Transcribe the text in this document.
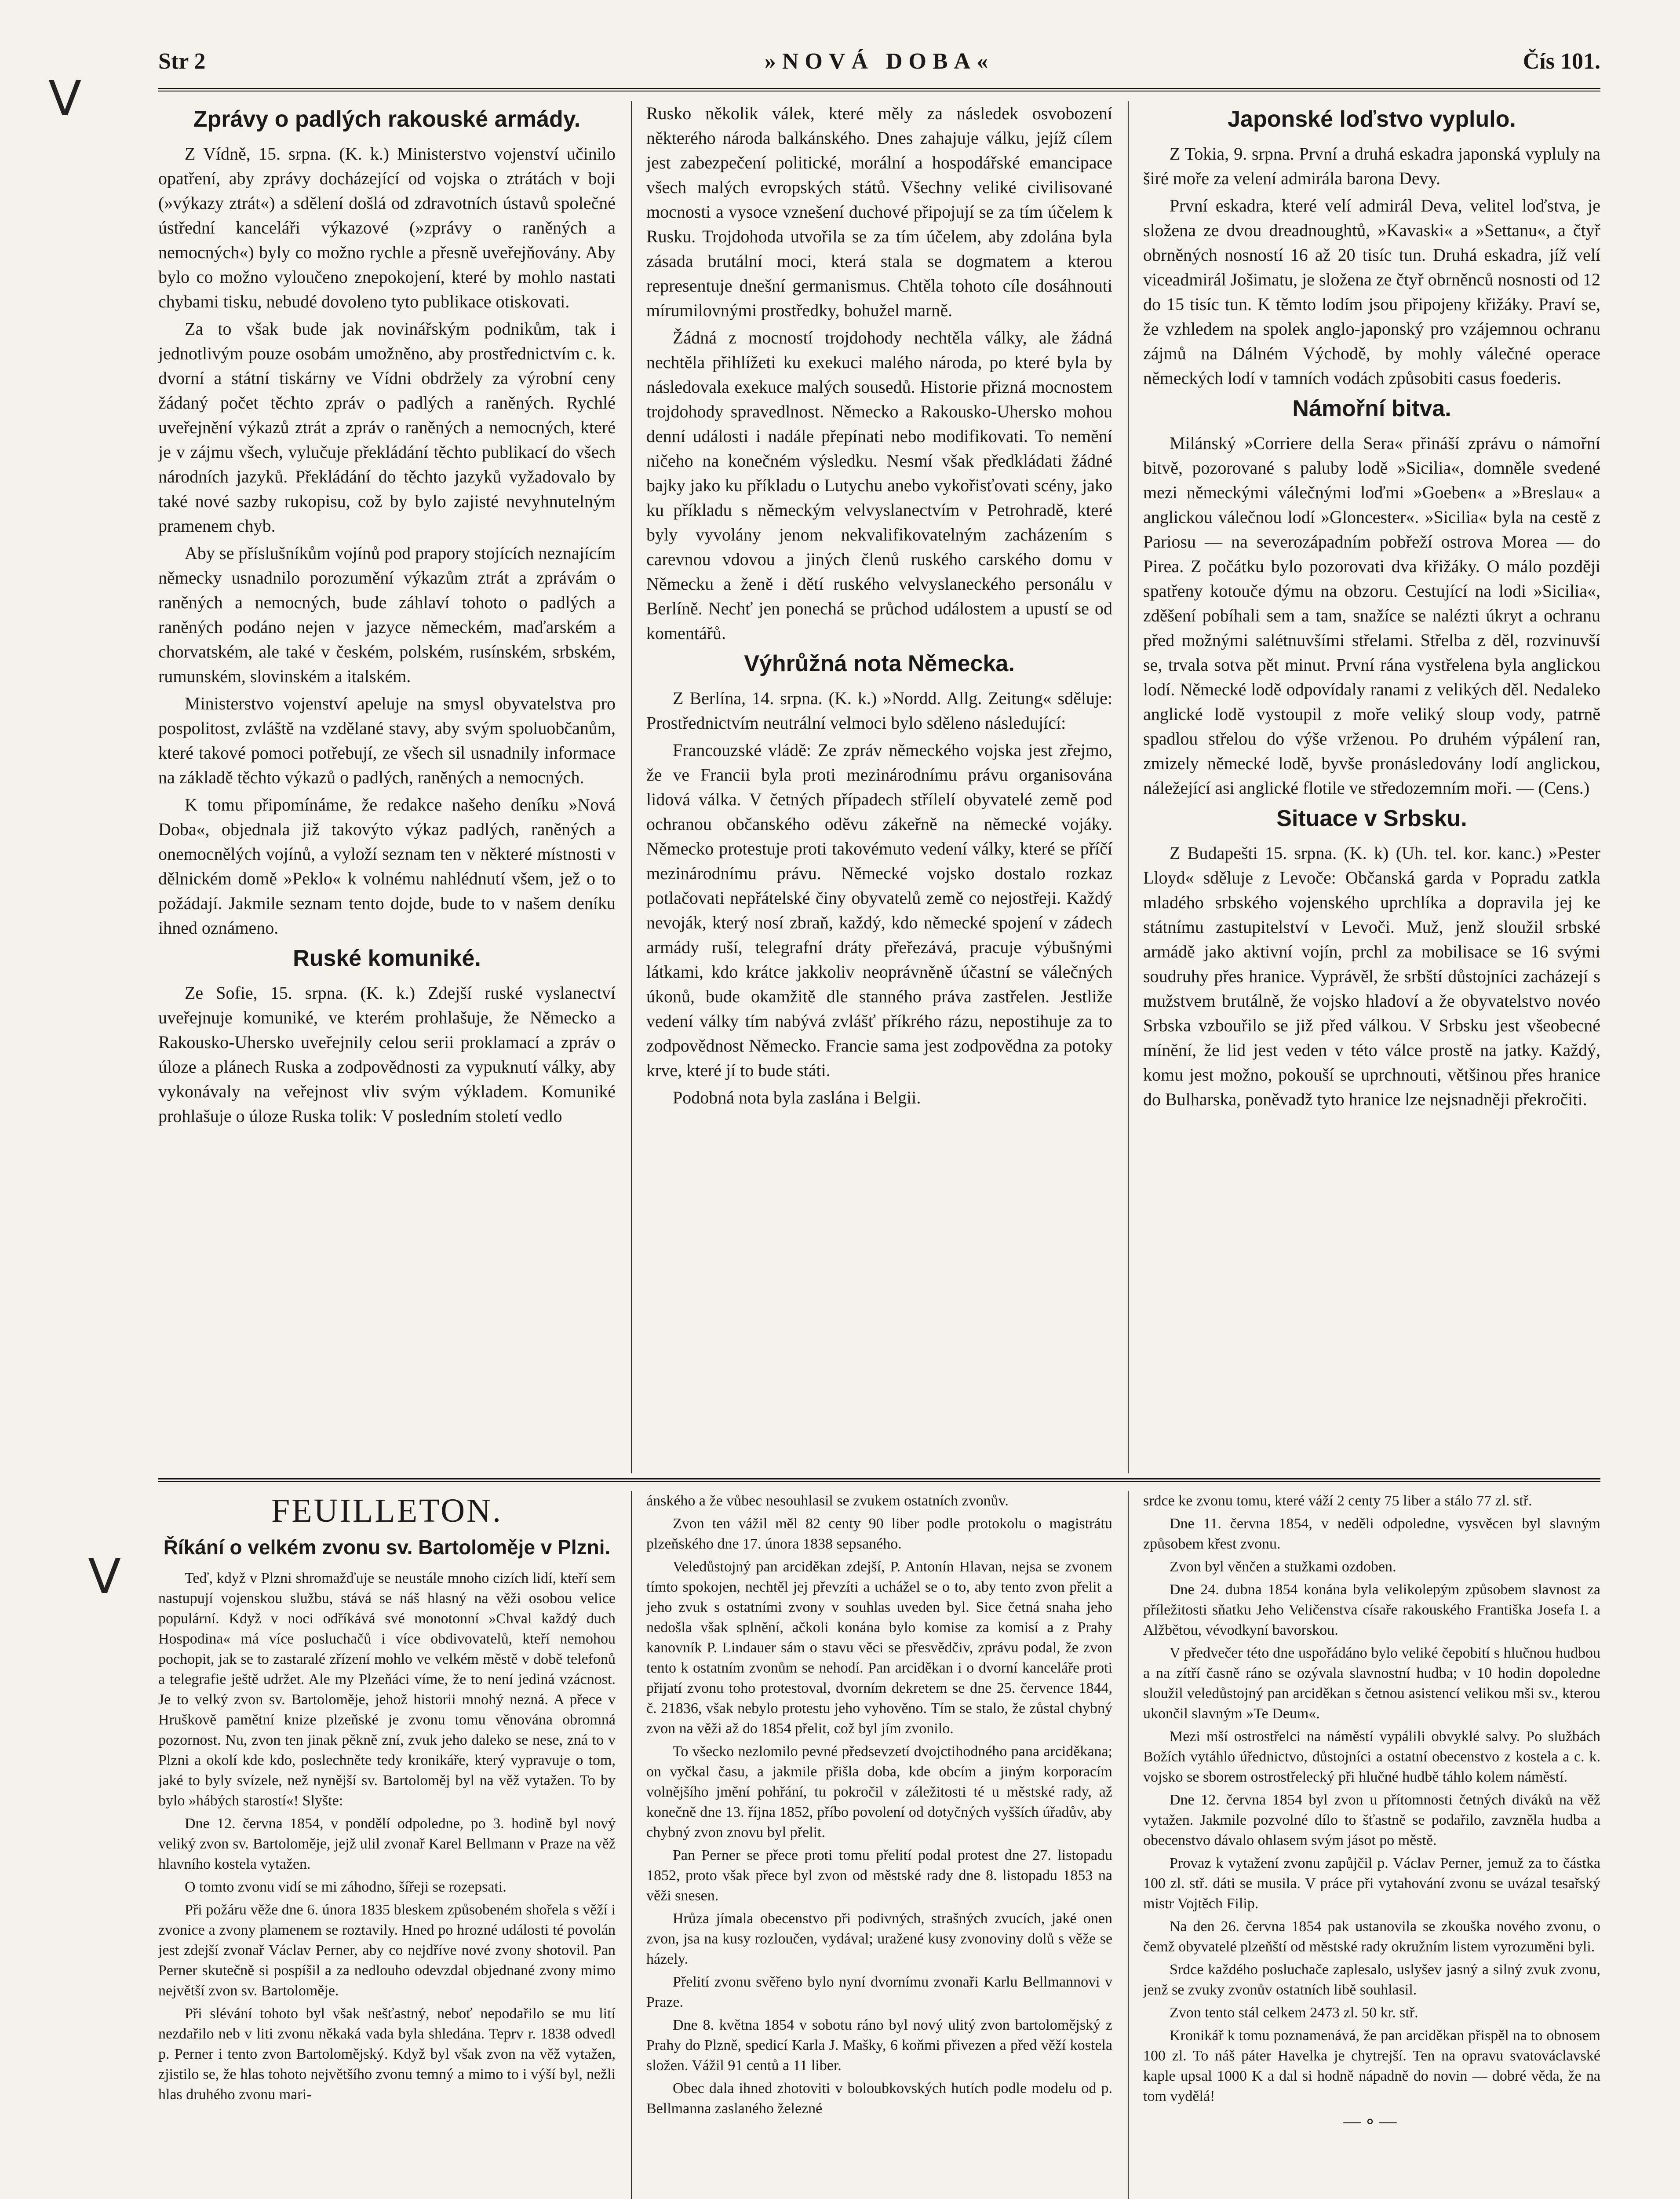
Str 2	»NOVÁ DOBA«	Čís 101.
Zprávy o padlých rakouské armády.

Z Vídně, 15. srpna. (K. k.) Ministerstvo vojenství učinilo opatření, aby zprávy docházející od vojska o ztrátách v boji (»výkazy ztrát«) a sdělení došlá od zdravotních ústavů společné ústřední kanceláři výkazové (»zprávy o raněných a nemocných«) byly co možno rychle a přesně uveřejňovány. Aby bylo co možno vyloučeno znepokojení, které by mohlo nastati chybami tisku, nebudé dovoleno tyto publikace otiskovati.

Za to však bude jak novinářským podnikům, tak i jednotlivým pouze osobám umožněno, aby prostřednictvím c. k. dvorní a státní tiskárny ve Vídni obdržely za výrobní ceny žádaný počet těchto zpráv o padlých a raněných. Rychlé uveřejnění výkazů ztrát a zpráv o raněných a nemocných, které je v zájmu všech, vylučuje překládání těchto publikací do všech národních jazyků. Překládání do těchto jazyků vyžadovalo by také nové sazby rukopisu, což by bylo zajisté nevyhnutelným pramenem chyb.

Aby se příslušníkům vojínů pod prapory stojících neznajícím německy usnadnilo porozumění výkazům ztrát a zprávám o raněných a nemocných, bude záhlaví tohoto o padlých a raněných podáno nejen v jazyce německém, maďarském a chorvatském, ale také v českém, polském, rusínském, srbském, rumunském, slovinském a italském.

Ministerstvo vojenství apeluje na smysl obyvatelstva pro pospolitost, zvláště na vzdělané stavy, aby svým spoluobčanům, které takové pomoci potřebují, ze všech sil usnadnily informace na základě těchto výkazů o padlých, raněných a nemocných.

K tomu připomínáme, že redakce našeho deníku »Nová Doba«, objednala již takovýto výkaz padlých, raněných a onemocnělých vojínů, a vyloží seznam ten v některé místnosti v dělnickém domě »Peklo« k volnému nahlédnutí všem, jež o to požádají. Jakmile seznam tento dojde, bude to v našem deníku ihned oznámeno.

Ruské komuniké.

Ze Sofie, 15. srpna. (K. k.) Zdejší ruské vyslanectví uveřejnuje komuniké, ve kterém prohlašuje, že Německo a Rakousko-Uhersko uveřejnily celou serii proklamací a zpráv o úloze a plánech Ruska a zodpovědnosti za vypuknutí války, aby vykonávaly na veřejnost vliv svým výkladem. Komuniké prohlašuje o úloze Ruska tolik: V posledním století vedlo

Rusko několik válek, které měly za následek osvobození některého národa balkánského. Dnes zahajuje válku, jejíž cílem jest zabezpečení politické, morální a hospodářské emancipace všech malých evropských států. Všechny veliké civilisované mocnosti a vysoce vznešení duchové připojují se za tím účelem k Rusku. Trojdohoda utvořila se za tím účelem, aby zdolána byla zásada brutální moci, která stala se dogmatem a kterou representuje dnešní germanismus. Chtěla tohoto cíle dosáhnouti mírumilovnými prostředky, bohužel marně.

Žádná z mocností trojdohody nechtěla války, ale žádná nechtěla přihlížeti ku exekuci malého národa, po které byla by následovala exekuce malých sousedů. Historie přizná mocnostem trojdohody spravedlnost. Německo a Rakousko-Uhersko mohou denní události i nadále přepínati nebo modifikovati. To nemění ničeho na konečném výsledku. Nesmí však předkládati žádné bajky jako ku příkladu o Lutychu anebo vykořisťovati scény, jako ku příkladu s německým velvyslanectvím v Petrohradě, které byly vyvolány jenom nekvalifikovatelným zacházením s carevnou vdovou a jiných členů ruského carského domu v Německu a ženě i dětí ruského velvyslaneckého personálu v Berlíně. Nechť jen ponechá se průchod událostem a upustí se od komentářů.

Výhrůžná nota Německa.

Z Berlína, 14. srpna. (K. k.) »Nordd. Allg. Zeitung« sděluje: Prostřednictvím neutrální velmoci bylo sděleno následující:

Francouzské vládě: Ze zpráv německého vojska jest zřejmo, že ve Francii byla proti mezinárodnímu právu organisována lidová válka. V četných případech střílelí obyvatelé země pod ochranou občanského oděvu zákeřně na německé vojáky. Německo protestuje proti takovémuto vedení války, které se příčí mezinárodnímu právu. Německé vojsko dostalo rozkaz potlačovati nepřátelské činy obyvatelů země co nejostřeji. Každý nevoják, který nosí zbraň, každý, kdo německé spojení v zádech armády ruší, telegrafní dráty přeřezává, pracuje výbušnými látkami, kdo krátce jakkoliv neoprávněně účastní se válečných úkonů, bude okamžitě dle stanného práva zastřelen. Jestliže vedení války tím nabývá zvlášť příkrého rázu, nepostihuje za to zodpovědnost Německo. Francie sama jest zodpovědna za potoky krve, které jí to bude státi.

Podobná nota byla zaslána i Belgii.

Japonské loďstvo vyplulo.

Z Tokia, 9. srpna. První a druhá eskadra japonská vypluly na širé moře za velení admirála barona Devy.

První eskadra, které velí admirál Deva, velitel loďstva, je složena ze dvou dreadnoughtů, »Kavaski« a »Settanu«, a čtyř obrněných nosností 16 až 20 tisíc tun. Druhá eskadra, jíž velí viceadmirál Jošimatu, je složena ze čtyř obrněnců nosnosti od 12 do 15 tisíc tun. K těmto lodím jsou připojeny křižáky. Praví se, že vzhledem na spolek anglo-japonský pro vzájemnou ochranu zájmů na Dálném Východě, by mohly válečné operace německých lodí v tamních vodách způsobiti casus foederis.

Námořní bitva.

Milánský »Corriere della Sera« přináší zprávu o námořní bitvě, pozorované s paluby lodě »Sicilia«, domněle svedené mezi německými válečnými loďmi »Goeben« a »Breslau« a anglickou válečnou lodí »Gloncester«. »Sicilia« byla na cestě z Pariosu — na severozápadním pobřeží ostrova Morea — do Pirea. Z počátku bylo pozorovati dva křižáky. O málo později spatřeny kotouče dýmu na obzoru. Cestující na lodi »Sicilia«, zděšení pobíhali sem a tam, snažíce se nalézti úkryt a ochranu před možnými salétnuvšími střelami. Střelba z děl, rozvinuvší se, trvala sotva pět minut. První rána vystřelena byla anglickou lodí. Německé lodě odpovídaly ranami z velikých děl. Nedaleko anglické lodě vystoupil z moře veliký sloup vody, patrně spadlou střelou do výše vrženou. Po druhém výpálení ran, zmizely německé lodě, byvše pronásledovány lodí anglickou, náležející asi anglické flotile ve středozemním moři. — (Cens.)

Situace v Srbsku.

Z Budapešti 15. srpna. (K. k) (Uh. tel. kor. kanc.) »Pester Lloyd« sděluje z Levoče: Občanská garda v Popradu zatkla mladého srbského vojenského uprchlíka a dopravila jej ke státnímu zastupitelství v Levoči. Muž, jenž sloužil srbské armádě jako aktivní vojín, prchl za mobilisace se 16 svými soudruhy přes hranice. Vyprávěl, že srbští důstojníci zacházejí s mužstvem brutálně, že vojsko hladoví a že obyvatelstvo novéo Srbska vzbouřilo se již před válkou. V Srbsku jest všeobecné mínění, že lid jest veden v této válce prostě na jatky. Každý, komu jest možno, pokouší se uprchnouti, většinou přes hranice do Bulharska, poněvadž tyto hranice lze nejsnadněji překročiti.

FEUILLETON.
Říkání o velkém zvonu sv. Bartoloměje v Plzni.

Teď, když v Plzni shromažďuje se neustále mnoho cizích lidí, kteří sem nastupují vojenskou službu, stává se náš hlasný na věži osobou velice populární. Když v noci odříkává své monotonní »Chval každý duch Hospodina« má více posluchačů i více obdivovatelů, kteří nemohou pochopit, jak se to zastaralé zřízení mohlo ve velkém městě v době telefonů a telegrafie ještě udržet. Ale my Plzeňáci víme, že to není jediná vzácnost. Je to velký zvon sv. Bartoloměje, jehož historii mnohý nezná. A přece v Hruškově pamětní knize plzeňské je zvonu tomu věnována obromná pozornost. Nu, zvon ten jinak pěkně zní, zvuk jeho daleko se nese, zná to v Plzni a okolí kde kdo, poslechněte tedy kronikáře, který vypravuje o tom, jaké to byly svízele, než nynější sv. Bartoloměj byl na věž vytažen. To by bylo »hábých starostí«! Slyšte:

Dne 12. června 1854, v pondělí odpoledne, po 3. hodině byl nový veliký zvon sv. Bartoloměje, jejž ulil zvonař Karel Bellmann v Praze na věž hlavního kostela vytažen.

O tomto zvonu vidí se mi záhodno, šířeji se rozepsati.

Při požáru věže dne 6. února 1835 bleskem způsobeném shořela s věží i zvonice a zvony plamenem se roztavily. Hned po hrozné události té povolán jest zdejší zvonař Václav Perner, aby co nejdříve nové zvony shotovil. Pan Perner skutečně si pospíšil a za nedlouho odevzdal objednané zvony mimo největší zvon sv. Bartoloměje.

Při slévání tohoto byl však nešťastný, neboť nepodařilo se mu lití nezdařilo neb v liti zvonu někaká vada byla shledána. Teprv r. 1838 odvedl p. Perner i tento zvon Bartolomějský. Když byl však zvon na věž vytažen, zjistilo se, že hlas tohoto největšího zvonu temný a mimo to i výší byl, nežli hlas druhého zvonu mari-

ánského a že vůbec nesouhlasil se zvukem ostatních zvonův.

Zvon ten vážil měl 82 centy 90 liber podle protokolu o magistrátu plzeňského dne 17. února 1838 sepsaného.

Veledůstojný pan arciděkan zdejší, P. Antonín Hlavan, nejsa se zvonem tímto spokojen, nechtěl jej převzíti a uchážel se o to, aby tento zvon přelit a jeho zvuk s ostatními zvony v souhlas uveden byl. Sice četná snaha jeho nedošla však splnění, ačkoli konána bylo komise za komisí a z Prahy kanovník P. Lindauer sám o stavu věci se přesvědčiv, zprávu podal, že zvon tento k ostatním zvonům se nehodí. Pan arciděkan i o dvorní kanceláře proti přijatí zvonu toho protestoval, dvorním dekretem se dne 25. července 1844, č. 21836, však nebylo protestu jeho vyhověno. Tím se stalo, že zůstal chybný zvon na věži až do 1854 přelit, což byl jím zvonilo.

To všecko nezlomilo pevné předsevzetí dvojctihodného pana arciděkana; on vyčkal času, a jakmile přišla doba, kde obcím a jiným korporacím volnějšího jmění pohřání, tu pokročil v záležitosti té u městské rady, až konečně dne 13. října 1852, příbo povolení od dotyčných vyšších úřadův, aby chybný zvon znovu byl přelit.

Pan Perner se přece proti tomu přelití podal protest dne 27. listopadu 1852, proto však přece byl zvon od městské rady dne 8. listopadu 1853 na věži snesen.

Hrůza jímala obecenstvo při podivných, strašných zvucích, jaké onen zvon, jsa na kusy rozloučen, vydával; uražené kusy zvonoviny dolů s věže se házely.

Přelití zvonu svěřeno bylo nyní dvornímu zvonaři Karlu Bellmannovi v Praze.

Dne 8. května 1854 v sobotu ráno byl nový ulitý zvon bartolomějský z Prahy do Plzně, spedicí Karla J. Mašky, 6 koňmi přivezen a před věží kostela složen. Vážil 91 centů a 11 liber.

Obec dala ihned zhotoviti v boloubkovských hutích podle modelu od p. Bellmanna zaslaného železné

srdce ke zvonu tomu, které váží 2 centy 75 liber a stálo 77 zl. stř.

Dne 11. června 1854, v neděli odpoledne, vysvěcen byl slavným způsobem křest zvonu.

Zvon byl věnčen a stužkami ozdoben.

Dne 24. dubna 1854 konána byla velikolepým způsobem slavnost za příležitosti sňatku Jeho Veličenstva císaře rakouského Františka Josefa I. a Alžbětou, vévodkyní bavorskou.

V předvečer této dne uspořádáno bylo veliké čepobití s hlučnou hudbou a na zítří časně ráno se ozývala slavnostní hudba; v 10 hodin dopoledne sloužil veledůstojný pan arciděkan s četnou asistencí velikou mši sv., kterou ukončil slavným »Te Deum«.

Mezi mší ostrostřelci na náměstí vypálili obvyklé salvy. Po službách Božích vytáhlo úřednictvo, důstojníci a ostatní obecenstvo z kostela a c. k. vojsko se sborem ostrostřelecký při hlučné hudbě táhlo kolem náměstí.

Dne 12. června 1854 byl zvon u přítomnosti četných diváků na věž vytažen. Jakmile pozvolné dílo to šťastně se podařilo, zavzněla hudba a obecenstvo dávalo ohlasem svým jásot po městě.

Provaz k vytažení zvonu zapůjčil p. Václav Perner, jemuž za to částka 100 zl. stř. dáti se musila. V práce při vytahování zvonu se uvázal tesařský mistr Vojtěch Filip.

Na den 26. června 1854 pak ustanovila se zkouška nového zvonu, o čemž obyvatelé plzeňští od městské rady okružním listem vyrozuměni byli.

Srdce každého posluchače zaplesalo, uslyšev jasný a silný zvuk zvonu, jenž se zvuky zvonův ostatních libě souhlasil.

Zvon tento stál celkem 2473 zl. 50 kr. stř.

Kronikář k tomu poznamenává, že pan arciděkan přispěl na to obnosem 100 zl. To náš páter Havelka je chytrejší. Ten na opravu svatováclavské kaple upsal 1000 K a dal si hodně nápadně do novin — dobré věda, že na tom vydělá!

—∘—
V
V
